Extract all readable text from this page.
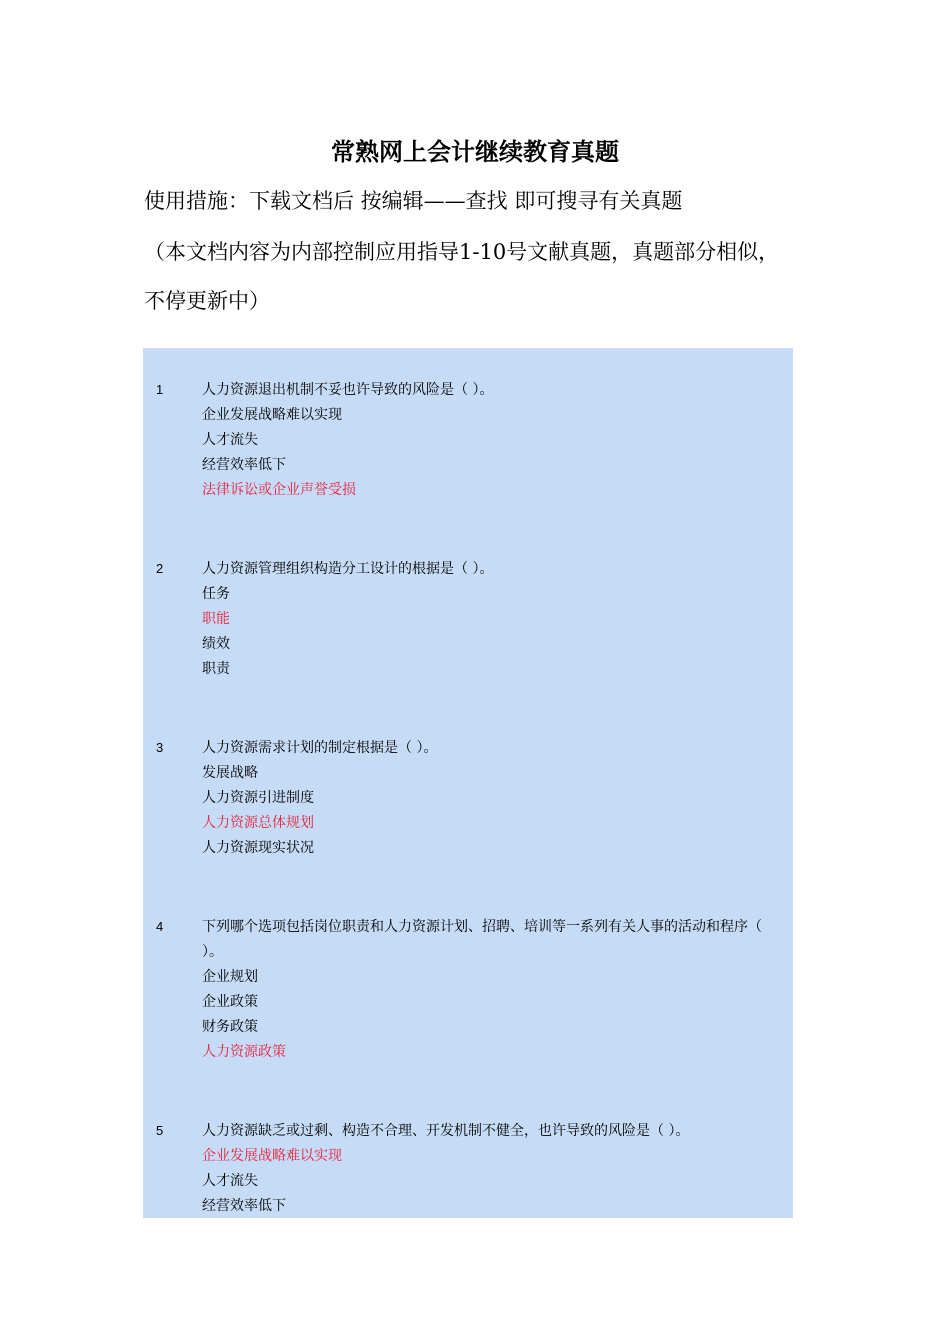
常熟网上会计继续教育真题
使用措施：下载文档后 按编辑——查找 即可搜寻有关真题
（本文档内容为内部控制应用指导1-10号文献真题，真题部分相似，
不停更新中）
1	人力资源退出机制不妥也许导致的风险是（ ）。
企业发展战略难以实现
人才流失
经营效率低下
法律诉讼或企业声誉受损
2	人力资源管理组织构造分工设计的根据是（ ）。
任务
职能
绩效
职责
3	人力资源需求计划的制定根据是（ ）。
发展战略
人力资源引进制度
人力资源总体规划
人力资源现实状况
4	下列哪个选项包括岗位职责和人力资源计划、招聘、培训等一系列有关人事的活动和程序（ ）。
企业规划
企业政策
财务政策
人力资源政策
5	人力资源缺乏或过剩、构造不合理、开发机制不健全，也许导致的风险是（ ）。
企业发展战略难以实现
人才流失
经营效率低下
